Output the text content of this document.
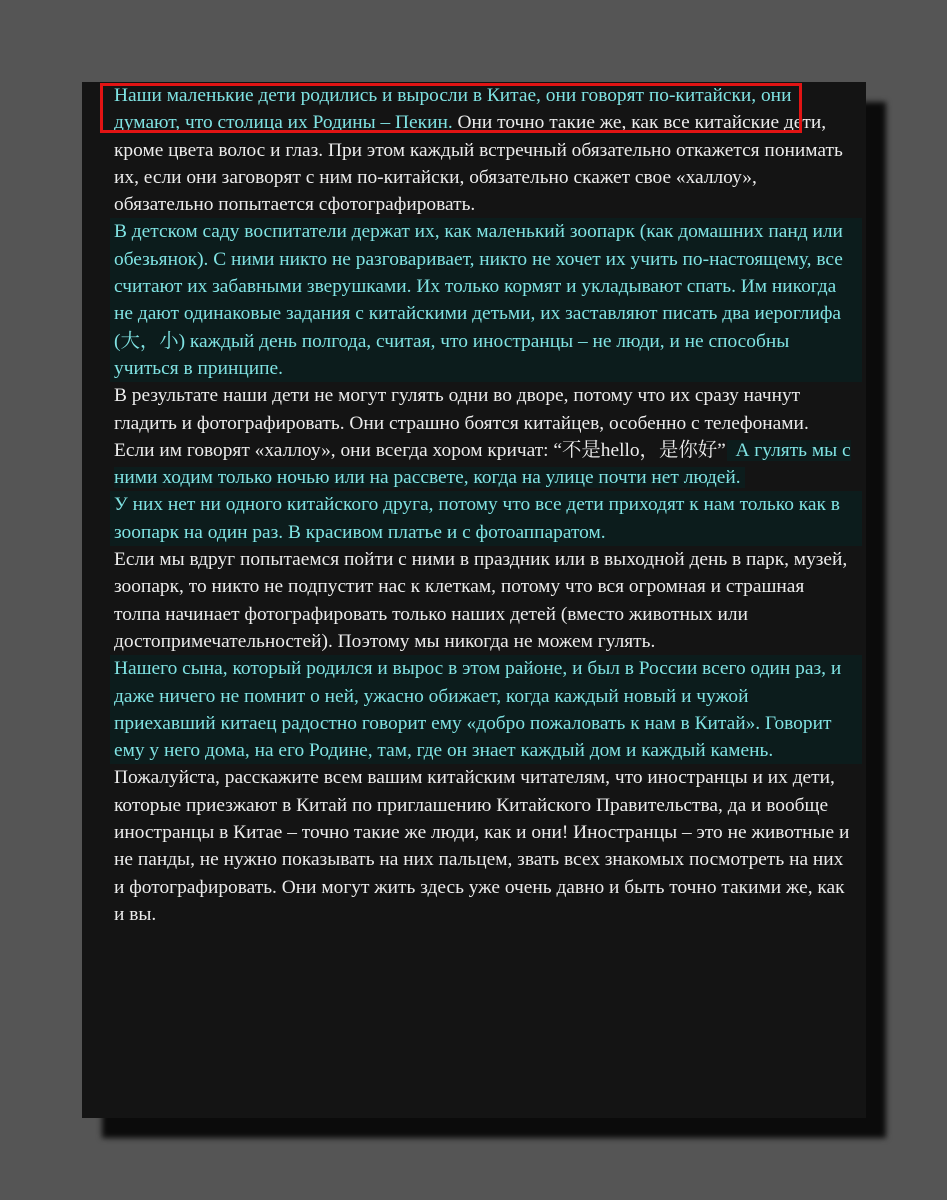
Наши маленькие дети родились и выросли в Китае, они говорят по-китайски, они думают, что столица их Родины – Пекин. Они точно такие же, как все китайские дети, кроме цвета волос и глаз. При этом каждый встречный обязательно откажется понимать их, если они заговорят с ним по-китайски, обязательно скажет свое «халлоу», обязательно попытается сфотографировать.

В детском саду воспитатели держат их, как маленький зоопарк (как домашних панд или обезьянок). С ними никто не разговаривает, никто не хочет их учить по-настоящему, все считают их забавными зверушками. Их только кормят и укладывают спать. Им никогда не дают одинаковые задания с китайскими детьми, их заставляют писать два иероглифа (大，小) каждый день полгода, считая, что иностранцы – не люди, и не способны учиться в принципе.

В результате наши дети не могут гулять одни во дворе, потому что их сразу начнут гладить и фотографировать. Они страшно боятся китайцев, особенно с телефонами. Если им говорят «халлоу», они всегда хором кричат: “不是hello，是你好”. А гулять мы с ними ходим только ночью или на рассвете, когда на улице почти нет людей.

У них нет ни одного китайского друга, потому что все дети приходят к нам только как в зоопарк на один раз. В красивом платье и с фотоаппаратом.

Если мы вдруг попытаемся пойти с ними в праздник или в выходной день в парк, музей, зоопарк, то никто не подпустит нас к клеткам, потому что вся огромная и страшная толпа начинает фотографировать только наших детей (вместо животных или достопримечательностей). Поэтому мы никогда не можем гулять.

Нашего сына, который родился и вырос в этом районе, и был в России всего один раз, и даже ничего не помнит о ней, ужасно обижает, когда каждый новый и чужой приехавший китаец радостно говорит ему «добро пожаловать к нам в Китай». Говорит ему у него дома, на его Родине, там, где он знает каждый дом и каждый камень.

Пожалуйста, расскажите всем вашим китайским читателям, что иностранцы и их дети, которые приезжают в Китай по приглашению Китайского Правительства, да и вообще иностранцы в Китае – точно такие же люди, как и они! Иностранцы – это не животные и не панды, не нужно показывать на них пальцем, звать всех знакомых посмотреть на них и фотографировать. Они могут жить здесь уже очень давно и быть точно такими же, как и вы.
